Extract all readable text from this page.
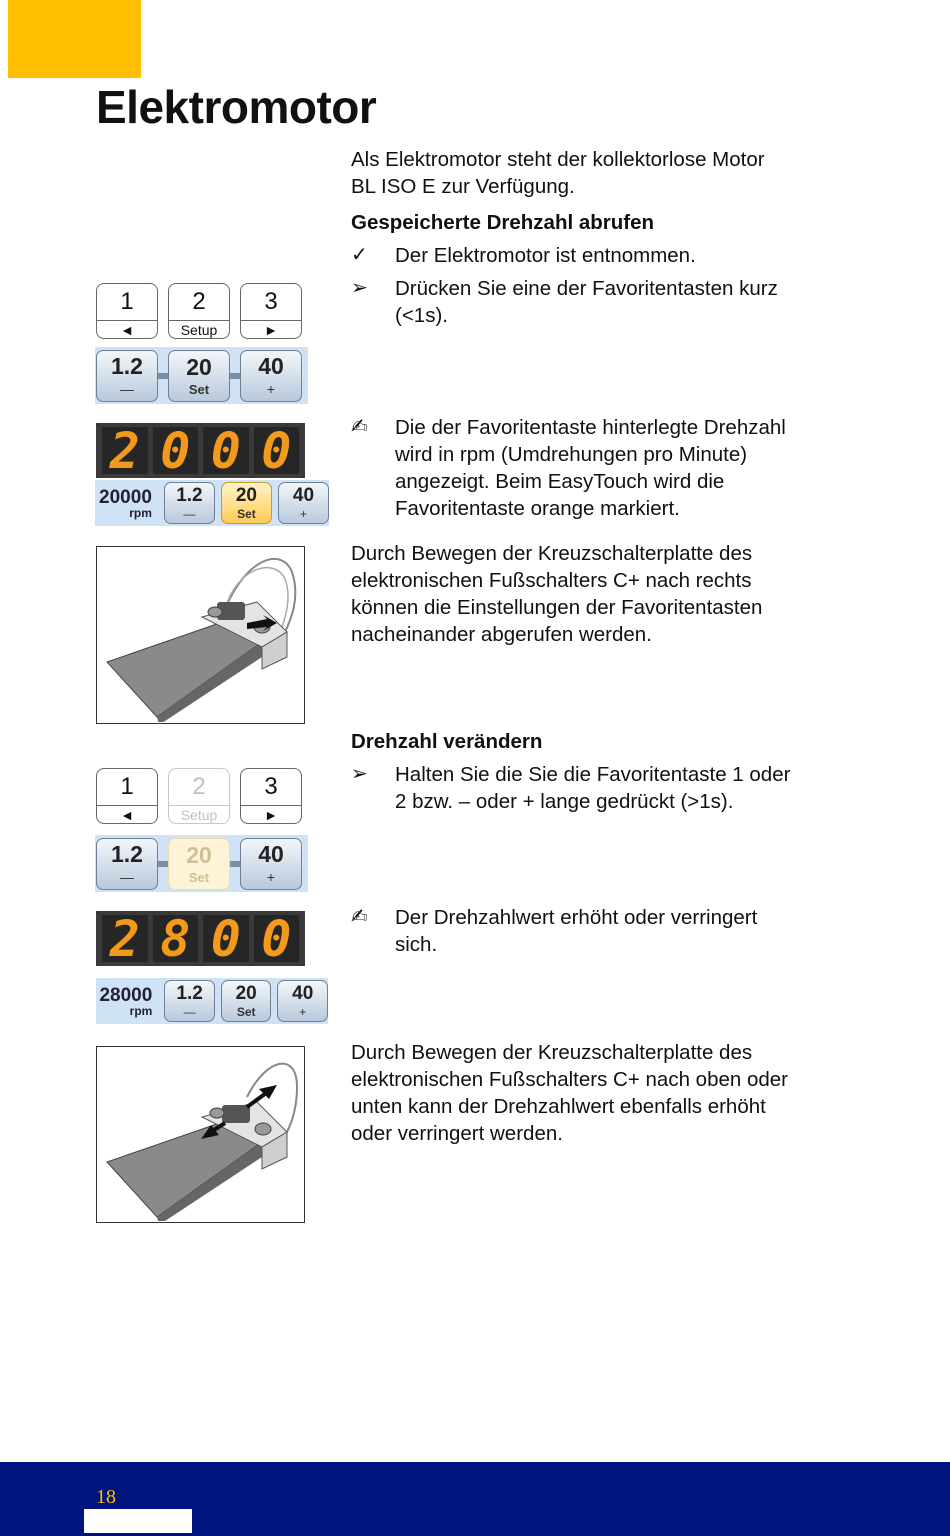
Elektromotor

Als Elektromotor steht der kollektorlose Motor BL ISO E zur Verfügung.

Gespeicherte Drehzahl abrufen
✓	Der Elektromotor ist entnommen.
➢	Drücken Sie eine der Favoritentasten kurz (<1s).
✍	Die der Favoritentaste hinterlegte Drehzahl wird in rpm (Umdrehungen pro Minute) angezeigt. Beim EasyTouch wird die Favoritentaste orange markiert.

Durch Bewegen der Kreuzschalterplatte des elektronischen Fußschalters C+ nach rechts können die Einstellungen der Favoritentasten nacheinander abgerufen werden.

Drehzahl verändern
➢	Halten Sie die Sie die Favoritentaste 1 oder 2 bzw. – oder + lange gedrückt (>1s).
✍	Der Drehzahlwert erhöht oder verringert sich.

Durch Bewegen der Kreuzschalterplatte des elektronischen Fußschalters C+ nach oben oder unten kann der Drehzahlwert ebenfalls erhöht oder verringert werden.

1
◄
2
Setup
3
►
1.2
—
20
Set
40
+
2 0 0 0
20000
rpm
1.2
—
20
Set
40
+
1
◄
2
Setup
3
►
1.2
—
20
Set
40
+
2 8 0 0
28000
rpm
1.2
—
20
Set
40
+
18
